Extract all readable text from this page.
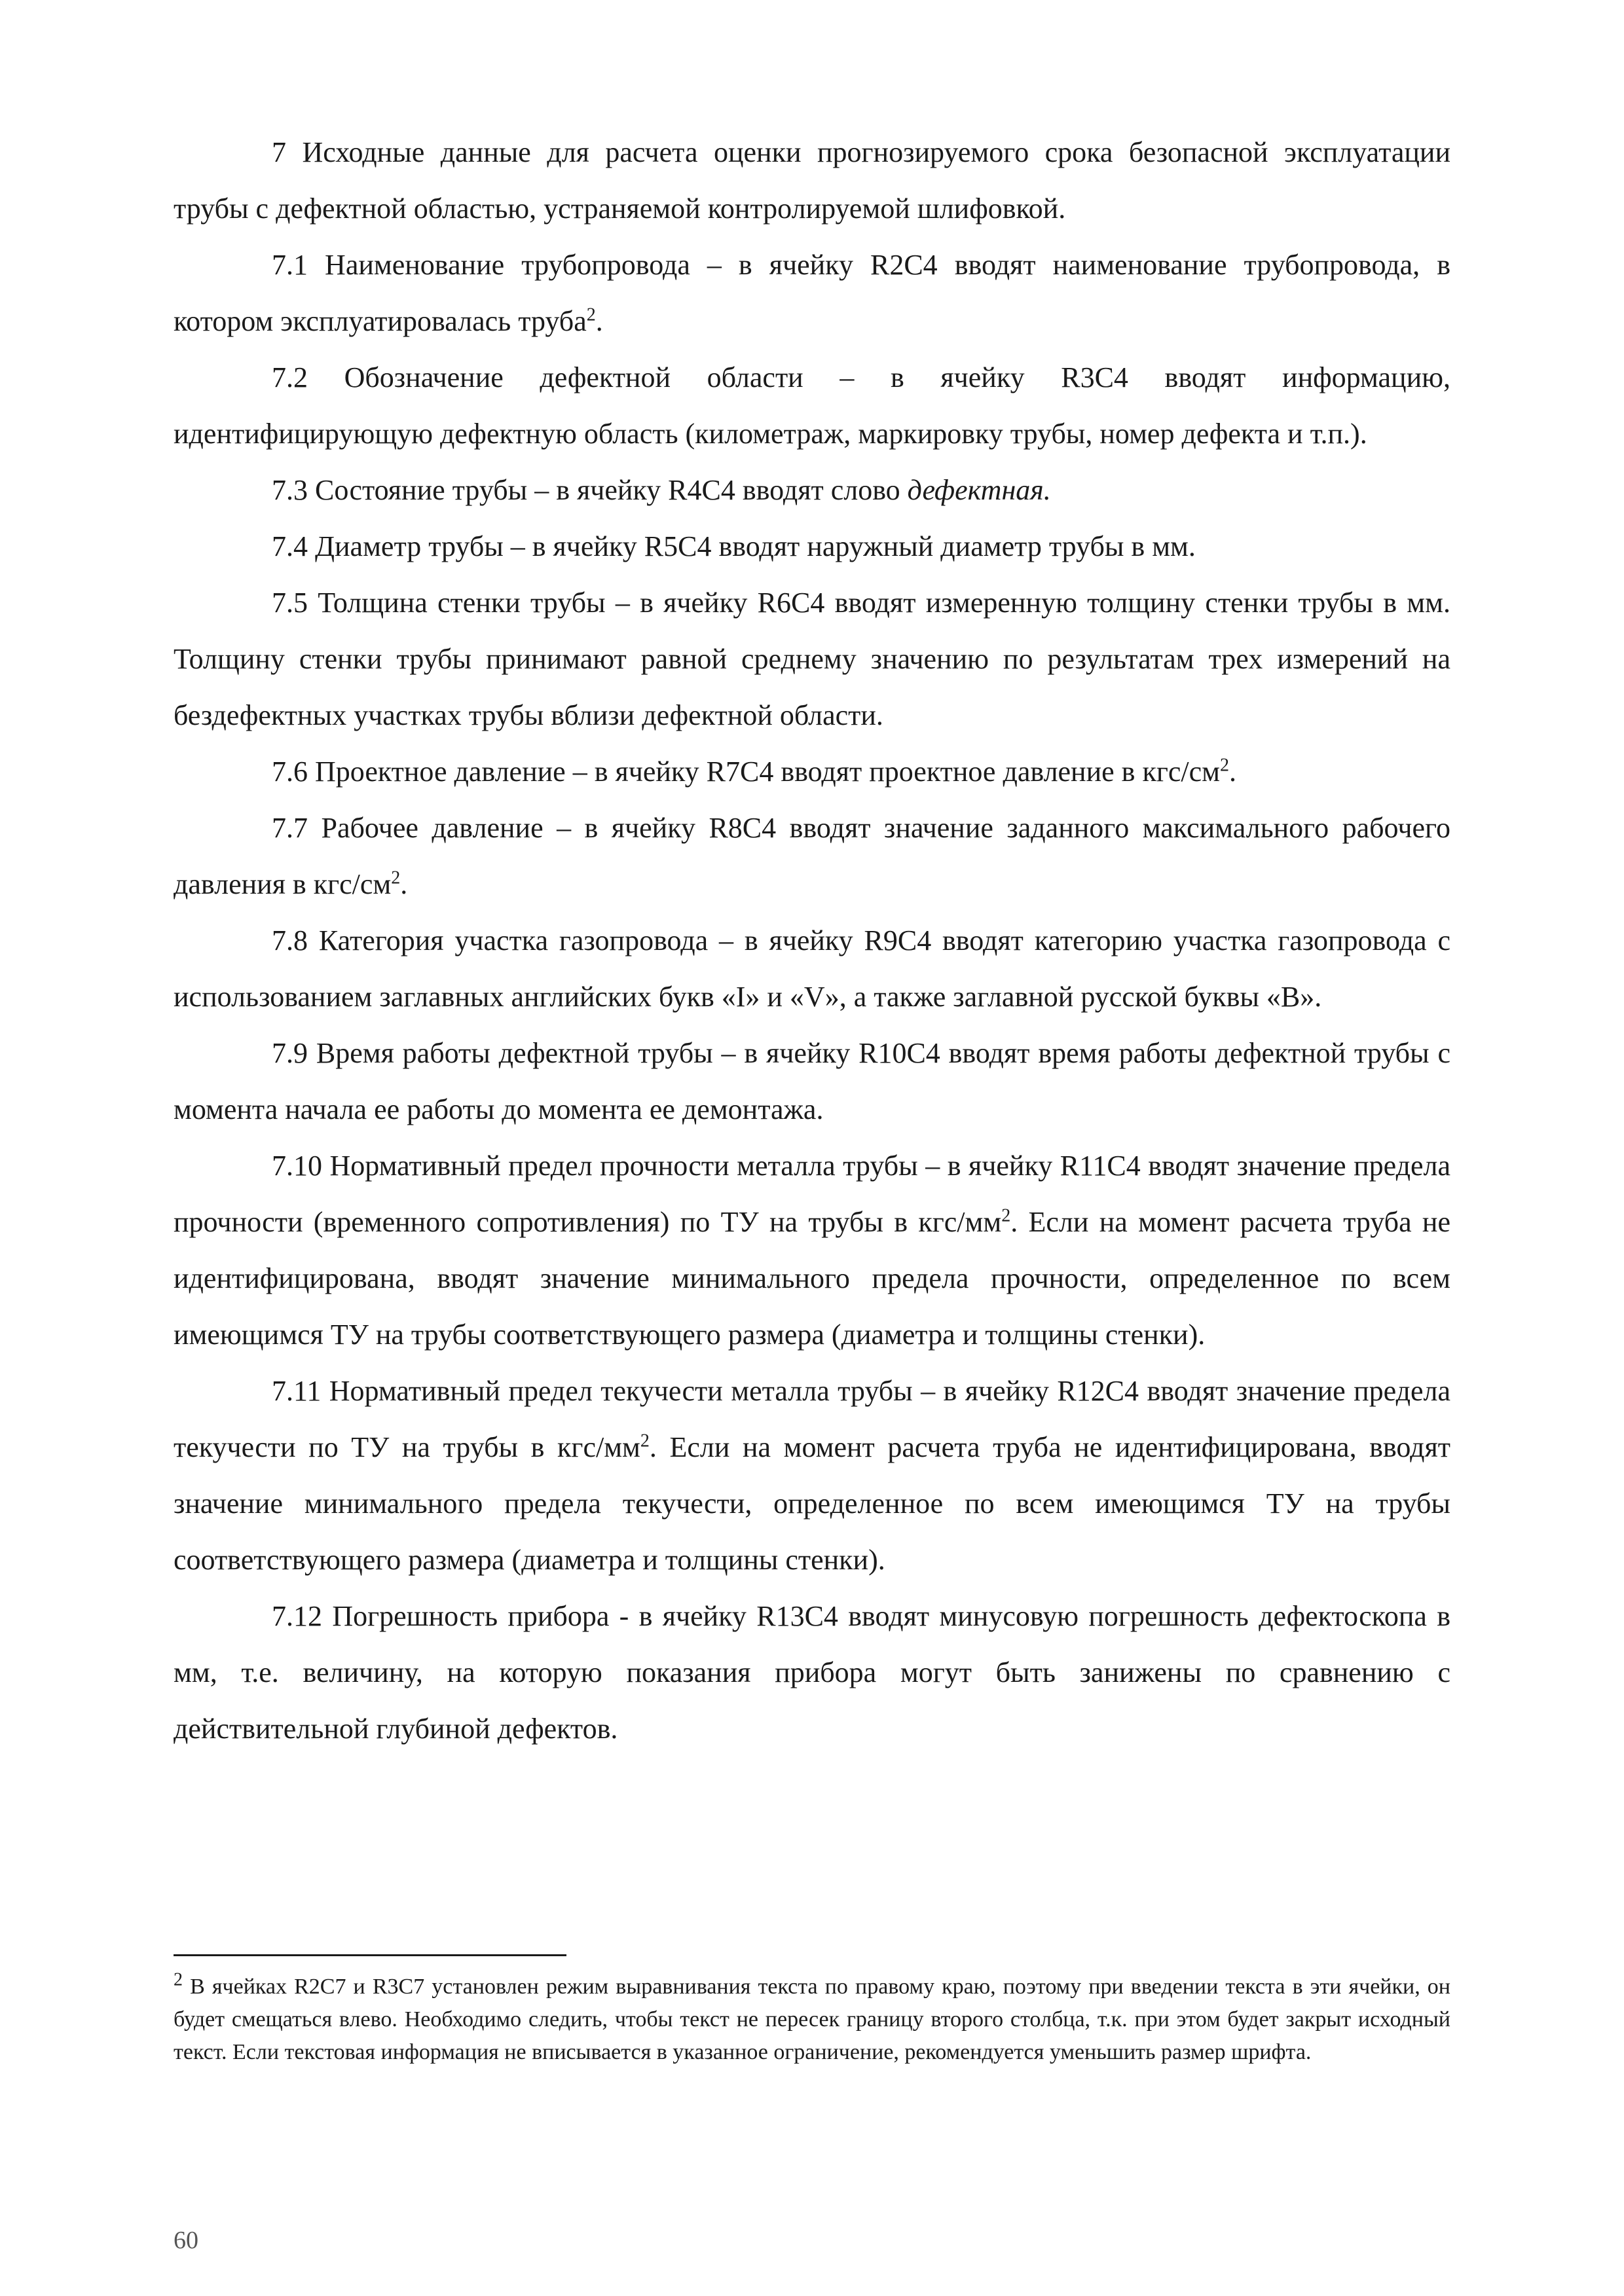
7 Исходные данные для расчета оценки прогнозируемого срока безопасной эксплуатации трубы с дефектной областью, устраняемой контролируемой шлифовкой.

7.1 Наименование трубопровода – в ячейку R2C4 вводят наименование трубопровода, в котором эксплуатировалась труба$^2$.

7.2 Обозначение дефектной области – в ячейку R3C4 вводят информацию, идентифицирующую дефектную область (километраж, маркировку трубы, номер дефекта и т.п.).

7.3 Состояние трубы – в ячейку R4C4 вводят слово дефектная.

7.4 Диаметр трубы – в ячейку R5C4 вводят наружный диаметр трубы в мм.

7.5 Толщина стенки трубы – в ячейку R6C4 вводят измеренную толщину стенки трубы в мм. Толщину стенки трубы принимают равной среднему значению по результатам трех измерений на бездефектных участках трубы вблизи дефектной области.

7.6 Проектное давление – в ячейку R7C4 вводят проектное давление в кгс/$см^2$.

7.7 Рабочее давление – в ячейку R8C4 вводят значение заданного максимального рабочего давления в кгс/$см^2$.

7.8 Категория участка газопровода – в ячейку R9C4 вводят категорию участка газопровода с использованием заглавных английских букв «I» и «V», а также заглавной русской буквы «В».

7.9 Время работы дефектной трубы – в ячейку R10C4 вводят время работы дефектной трубы с момента начала ее работы до момента ее демонтажа.

7.10 Нормативный предел прочности металла трубы – в ячейку R11C4 вводят значение предела прочности (временного сопротивления) по ТУ на трубы в кгс/$мм^2$. Если на момент расчета труба не идентифицирована, вводят значение минимального предела прочности, определенное по всем имеющимся ТУ на трубы соответствующего размера (диаметра и толщины стенки).

7.11 Нормативный предел текучести металла трубы – в ячейку R12C4 вводят значение предела текучести по ТУ на трубы в кгс/$мм^2$. Если на момент расчета труба не идентифицирована, вводят значение минимального предела текучести, определенное по всем имеющимся ТУ на трубы соответствующего размера (диаметра и толщины стенки).

7.12 Погрешность прибора - в ячейку R13C4 вводят минусовую погрешность дефектоскопа в мм, т.е. величину, на которую показания прибора могут быть занижены по сравнению с действительной глубиной дефектов.

$^2$ В ячейках R2C7 и R3C7 установлен режим выравнивания текста по правому краю, поэтому при введении текста в эти ячейки, он будет смещаться влево. Необходимо следить, чтобы текст не пересек границу второго столбца, т.к. при этом будет закрыт исходный текст. Если текстовая информация не вписывается в указанное ограничение, рекомендуется уменьшить размер шрифта.

60
